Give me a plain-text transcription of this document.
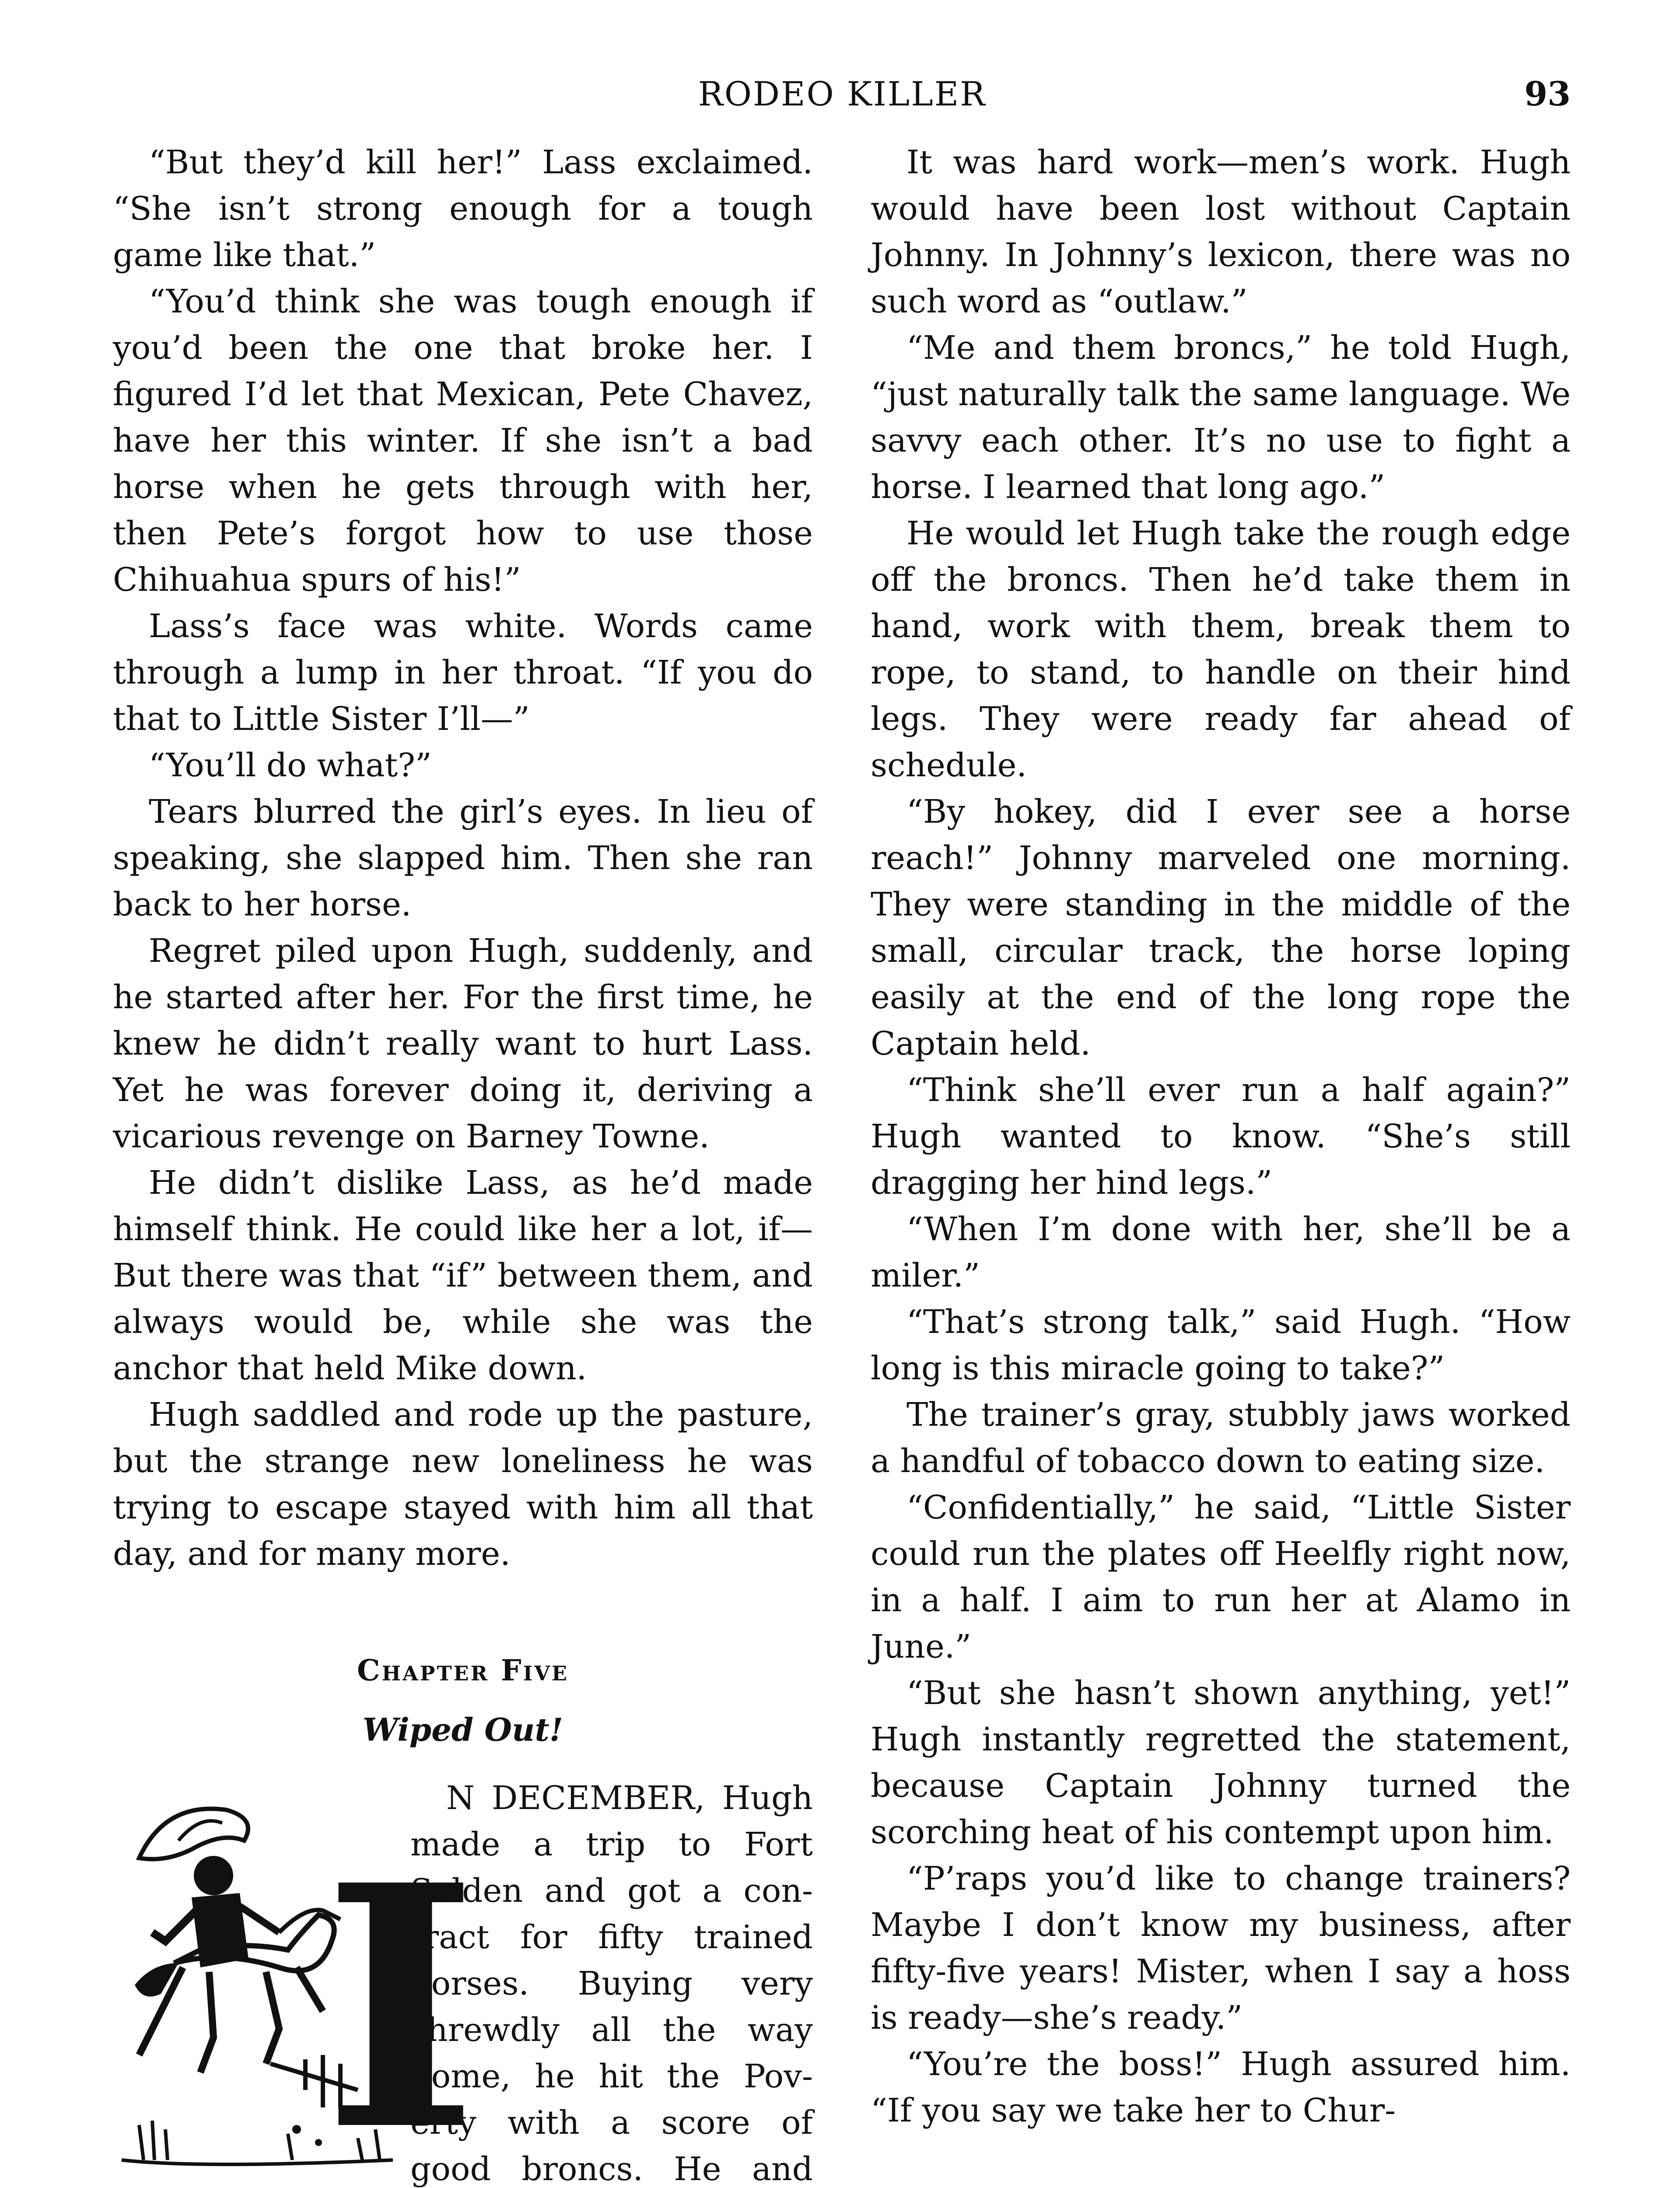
RODEO KILLER	93

“But they’d kill her!” Lass exclaimed. “She isn’t strong enough for a tough game like that.”

“You’d think she was tough enough if you’d been the one that broke her. I figured I’d let that Mexican, Pete Chavez, have her this winter. If she isn’t a bad horse when he gets through with her, then Pete’s forgot how to use those Chihuahua spurs of his!”

Lass’s face was white. Words came through a lump in her throat. “If you do that to Little Sister I’ll—”

“You’ll do what?”

Tears blurred the girl’s eyes. In lieu of speaking, she slapped him. Then she ran back to her horse.

Regret piled upon Hugh, suddenly, and he started after her. For the first time, he knew he didn’t really want to hurt Lass. Yet he was forever doing it, deriving a vicarious revenge on Barney Towne.

He didn’t dislike Lass, as he’d made himself think. He could like her a lot, if— But there was that “if” between them, and always would be, while she was the anchor that held Mike down.

Hugh saddled and rode up the pasture, but the strange new loneliness he was trying to escape stayed with him all that day, and for many more.

Chapter Five

Wiped Out!

I

N DECEMBER, Hugh made a trip to Fort Selden and got a contract for fifty trained horses. Buying very shrewdly all the way home, he hit the Poverty with a score of good broncs. He and

It was hard work—men’s work. Hugh would have been lost without Captain Johnny. In Johnny’s lexicon, there was no such word as “outlaw.”

“Me and them broncs,” he told Hugh, “just naturally talk the same language. We savvy each other. It’s no use to fight a horse. I learned that long ago.”

He would let Hugh take the rough edge off the broncs. Then he’d take them in hand, work with them, break them to rope, to stand, to handle on their hind legs. They were ready far ahead of schedule.

“By hokey, did I ever see a horse reach!” Johnny marveled one morning. They were standing in the middle of the small, circular track, the horse loping easily at the end of the long rope the Captain held.

“Think she’ll ever run a half again?” Hugh wanted to know. “She’s still dragging her hind legs.”

“When I’m done with her, she’ll be a miler.”

“That’s strong talk,” said Hugh. “How long is this miracle going to take?”

The trainer’s gray, stubbly jaws worked a handful of tobacco down to eating size.

“Confidentially,” he said, “Little Sister could run the plates off Heelfly right now, in a half. I aim to run her at Alamo in June.”

“But she hasn’t shown anything, yet!” Hugh instantly regretted the statement, because Captain Johnny turned the scorching heat of his contempt upon him.

“P’raps you’d like to change trainers? Maybe I don’t know my business, after fifty-five years! Mister, when I say a hoss is ready—she’s ready.”

“You’re the boss!” Hugh assured him. “If you say we take her to Chur-
